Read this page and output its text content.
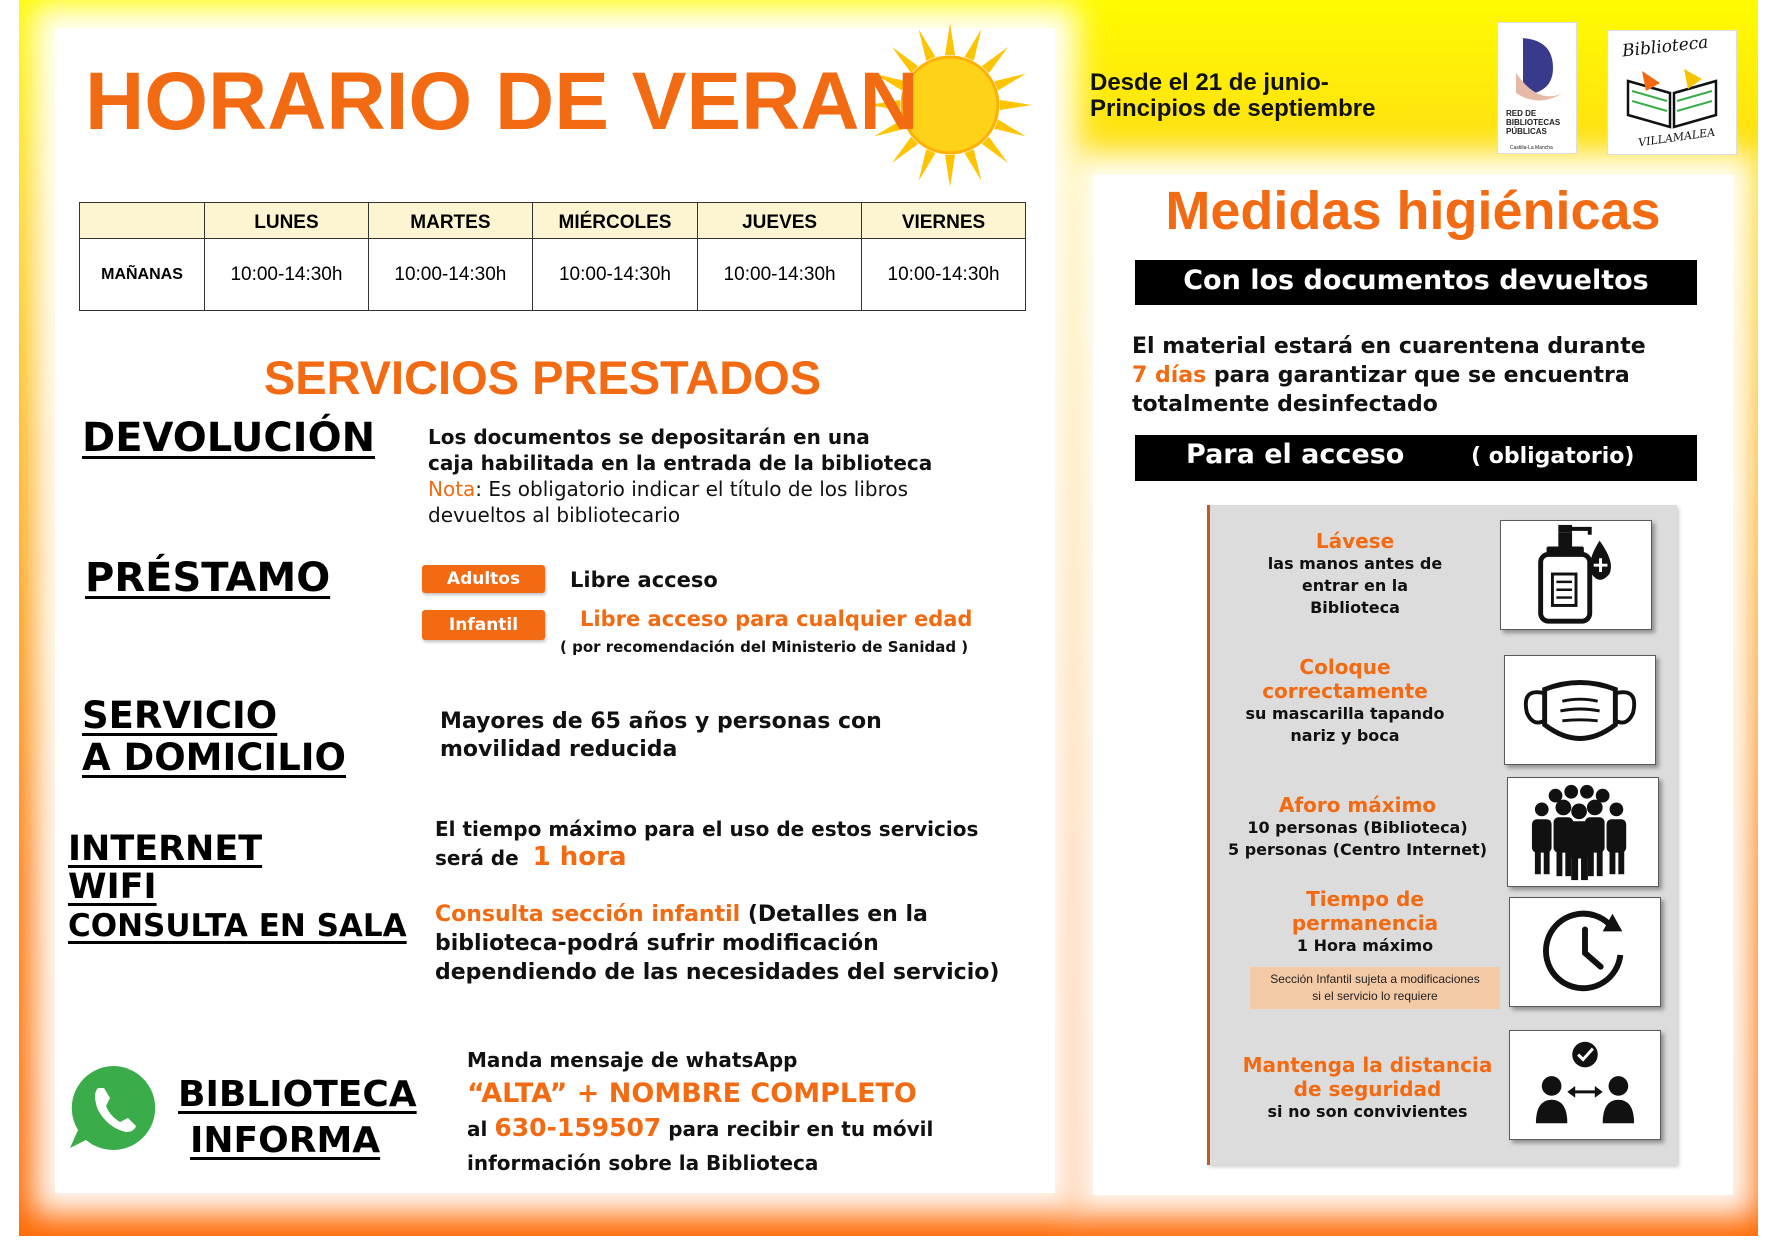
HORARIO DE VERAN	Desde el 21 de junio-
Principios de septiembre	RED DE
BIBLIOTECAS
PÚBLICAS
Castilla-La Mancha
Biblioteca
VILLAMALEA
	LUNES	MARTES	MIÉRCOLES	JUEVES	VIERNES
MAÑANAS	10:00-14:30h	10:00-14:30h	10:00-14:30h	10:00-14:30h	10:00-14:30h
SERVICIOS PRESTADOS
DEVOLUCIÓN	Los documentos se depositarán en una
caja habilitada en la entrada de la biblioteca
Nota: Es obligatorio indicar el título de los libros
devueltos al bibliotecario
PRÉSTAMO	Adultos	Libre acceso
Infantil	Libre acceso para cualquier edad
( por recomendación del Ministerio de Sanidad )
SERVICIO
A DOMICILIO
Mayores de 65 años y personas con
movilidad reducida
INTERNET
WIFI
CONSULTA EN SALA
El tiempo máximo para el uso de estos servicios
será de 1 hora
Consulta sección infantil (Detalles en la
biblioteca-podrá sufrir modificación
dependiendo de las necesidades del servicio)
BIBLIOTECA
INFORMA
Manda mensaje de whatsApp
“ALTA” + NOMBRE COMPLETO
al 630-159507 para recibir en tu móvil
información sobre la Biblioteca
Medidas higiénicas
Con los documentos devueltos
El material estará en cuarentena durante
7 días para garantizar que se encuentra
totalmente desinfectado
Para el acceso	( obligatorio)
Lávese
las manos antes de
entrar en la
Biblioteca
Coloque
correctamente
su mascarilla tapando
nariz y boca
Aforo máximo
10 personas (Biblioteca)
5 personas (Centro Internet)
Tiempo de
permanencia
1 Hora máximo
Sección Infantil sujeta a modificaciones
si el servicio lo requiere
Mantenga la distancia
de seguridad
si no son convivientes
